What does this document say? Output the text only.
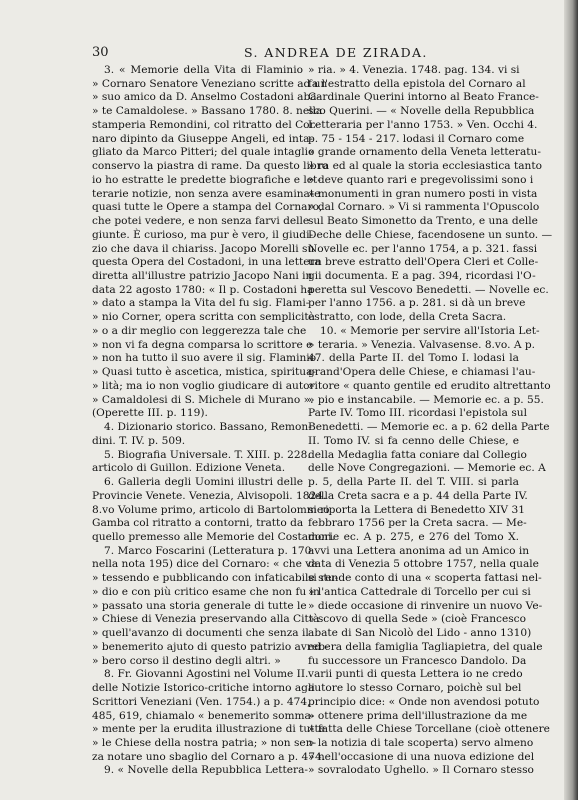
30	S. ANDREA DE ZIRADA.
3. « Memorie della Vita di Flaminio
» Cornaro Senatore Veneziano scritte ad un
» suo amico da D. Anselmo Costadoni aba-
» te Camaldolese. » Bassano 1780. 8. nella
stamperia Remondini, col ritratto del Cor-
naro dipinto da Giuseppe Angeli, ed inta-
gliato da Marco Pitteri; del quale intaglio
conservo la piastra di rame. Da questo libro
io ho estratte le predette biografiche e let-
terarie notizie, non senza avere esaminate
quasi tutte le Opere a stampa del Cornaro,
che potei vedere, e non senza farvi delle
giunte. È curioso, ma pur è vero, il giudi-
zio che dava il chiariss. Jacopo Morelli su
questa Opera del Costadoni, in una lettera
diretta all'illustre patrizio Jacopo Nani in
data 22 agosto 1780: « Il p. Costadoni ha
» dato a stampa la Vita del fu sig. Flami-
» nio Corner, opera scritta con semplicità
» o a dir meglio con leggerezza tale che
» non vi fa degna comparsa lo scrittore e
» non ha tutto il suo avere il sig. Flaminio.
» Quasi tutto è ascetica, mistica, spiritua-
» lità; ma io non voglio giudicare di autori
» Camaldolesi di S. Michele di Murano ».
(Operette III. p. 119).
4. Dizionario storico. Bassano, Remon-
dini. T. IV. p. 509.
5. Biografia Universale. T. XIII. p. 228.
articolo di Guillon. Edizione Veneta.
6. Galleria degli Uomini illustri delle
Provincie Venete. Venezia, Alvisopoli. 1824.
8.vo Volume primo, articolo di Bartolommeo
Gamba col ritratto a contorni, tratto da
quello premesso alle Memorie del Costadoni.
7. Marco Foscarini (Letteratura p. 170
nella nota 195) dice del Cornaro: « che va
» tessendo e pubblicando con infaticabile stu-
» dio e con più critico esame che non fu in
» passato una storia generale di tutte le
» Chiese di Venezia preservando alla Città
» quell'avanzo di documenti che senza il
» benemerito ajuto di questo patrizio avreb-
» bero corso il destino degli altri. »
8. Fr. Giovanni Agostini nel Volume II.
delle Notizie Istorico-critiche intorno agli
Scrittori Veneziani (Ven. 1754.) a p. 474,
485, 619, chiamalo « benemerito somma-
» mente per la erudita illustrazione di tutte
» le Chiese della nostra patria; » non sen-
za notare uno sbaglio del Cornaro a p. 474.
9. « Novelle della Repubblica Lettera-
» ria. » 4. Venezia. 1748. pag. 134. vi si
fa l'estratto della epistola del Cornaro al
Cardinale Querini intorno al Beato France-
sco Querini. — « Novelle della Repubblica
Letteraria per l'anno 1753. » Ven. Occhi 4.
p. 75 - 154 - 217. lodasi il Cornaro come
« grande ornamento della Veneta letteratu-
» ra ed al quale la storia ecclesiastica tanto
» deve quanto rari e pregevolissimi sono i
» monumenti in gran numero posti in vista
» dal Cornaro. » Vi si rammenta l'Opuscolo
sul Beato Simonetto da Trento, e una delle
Deche delle Chiese, facendosene un sunto. —
Novelle ec. per l'anno 1754, a p. 321. fassi
un breve estratto dell'Opera Cleri et Colle-
gii documenta. E a pag. 394, ricordasi l'O-
peretta sul Vescovo Benedetti. — Novelle ec.
per l'anno 1756. a p. 281. si dà un breve
estratto, con lode, della Creta Sacra.
10. « Memorie per servire all'Istoria Let-
» teraria. » Venezia. Valvasense. 8.vo. A p.
47. della Parte II. del Tomo I. lodasi la
grand'Opera delle Chiese, e chiamasi l'au-
» tore « quanto gentile ed erudito altrettanto
» pio e instancabile. — Memorie ec. a p. 55.
Parte IV. Tomo III. ricordasi l'epistola sul
Benedetti. — Memorie ec. a p. 62 della Parte
II. Tomo IV. si fa cenno delle Chiese, e
della Medaglia fatta coniare dal Collegio
delle Nove Congregazioni. — Memorie ec. A
p. 5, della Parte II. del T. VIII. si parla
della Creta sacra e a p. 44 della Parte IV.
si riporta la Lettera di Benedetto XIV 31
febbraro 1756 per la Creta sacra. — Me-
morie ec. A p. 275, e 276 del Tomo X.
avvi una Lettera anonima ad un Amico in
data di Venezia 5 ottobre 1757, nella quale
si rende conto di una « scoperta fattasi nel-
» l'antica Cattedrale di Torcello per cui si
» diede occasione di rinvenire un nuovo Ve-
» scovo di quella Sede » (cioè Francesco
abate di San Nicolò del Lido - anno 1310)
ed era della famiglia Tagliapietra, del quale
fu successore un Francesco Dandolo. Da
varii punti di questa Lettera io ne credo
autore lo stesso Cornaro, poichè sul bel
principio dice: « Onde non avendosi potuto
» ottenere prima dell'illustrazione da me
» fatta delle Chiese Torcellane (cioè ottenere
» la notizia di tale scoperta) servo almeno
» nell'occasione di una nuova edizione del
» sovralodato Ughello. » Il Cornaro stesso
